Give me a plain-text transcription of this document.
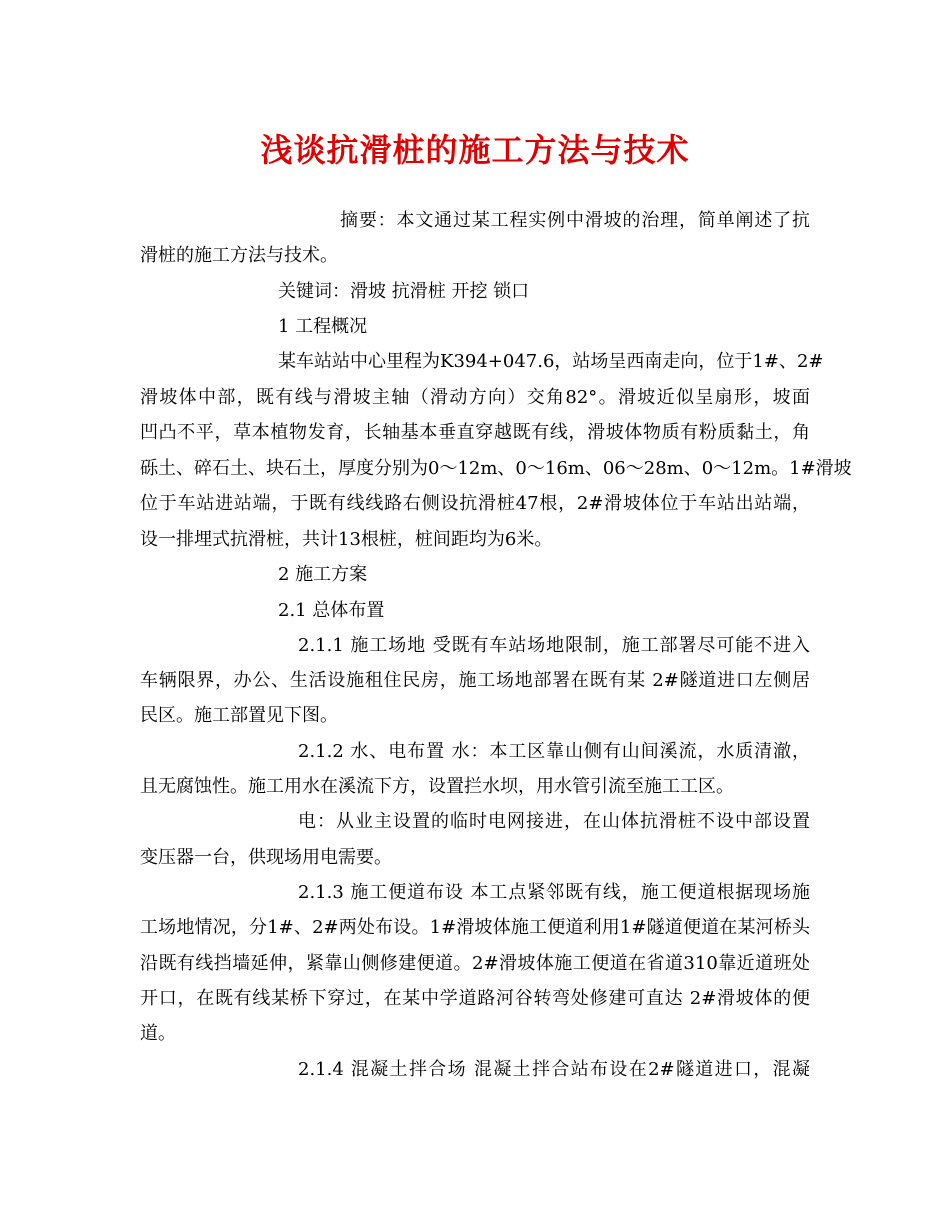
浅谈抗滑桩的施工方法与技术

摘要：本文通过某工程实例中滑坡的治理，简单阐述了抗

滑桩的施工方法与技术。

关键词：滑坡 抗滑桩 开挖 锁口

1 工程概况

某车站站中心里程为K394+047.6，站场呈西南走向，位于1#、2#

滑坡体中部，既有线与滑坡主轴（滑动方向）交角82°。滑坡近似呈扇形，坡面

凹凸不平，草本植物发育，长轴基本垂直穿越既有线，滑坡体物质有粉质黏土，角

砾土、碎石土、块石土，厚度分别为0～12m、0～16m、06～28m、0～12m。1#滑坡

位于车站进站端，于既有线线路右侧设抗滑桩47根，2#滑坡体位于车站出站端，

设一排埋式抗滑桩，共计13根桩，桩间距均为6米。

2 施工方案

2.1 总体布置

2.1.1 施工场地 受既有车站场地限制，施工部署尽可能不进入

车辆限界，办公、生活设施租住民房，施工场地部署在既有某 2#隧道进口左侧居

民区。施工部置见下图。

2.1.2 水、电布置 水：本工区靠山侧有山间溪流，水质清澈，

且无腐蚀性。施工用水在溪流下方，设置拦水坝，用水管引流至施工工区。

电：从业主设置的临时电网接进，在山体抗滑桩不设中部设置

变压器一台，供现场用电需要。

2.1.3 施工便道布设 本工点紧邻既有线，施工便道根据现场施

工场地情况，分1#、2#两处布设。1#滑坡体施工便道利用1#隧道便道在某河桥头

沿既有线挡墙延伸，紧靠山侧修建便道。2#滑坡体施工便道在省道310靠近道班处

开口，在既有线某桥下穿过，在某中学道路河谷转弯处修建可直达 2#滑坡体的便

道。

2.1.4 混凝土拌合场 混凝土拌合站布设在2#隧道进口，混凝
